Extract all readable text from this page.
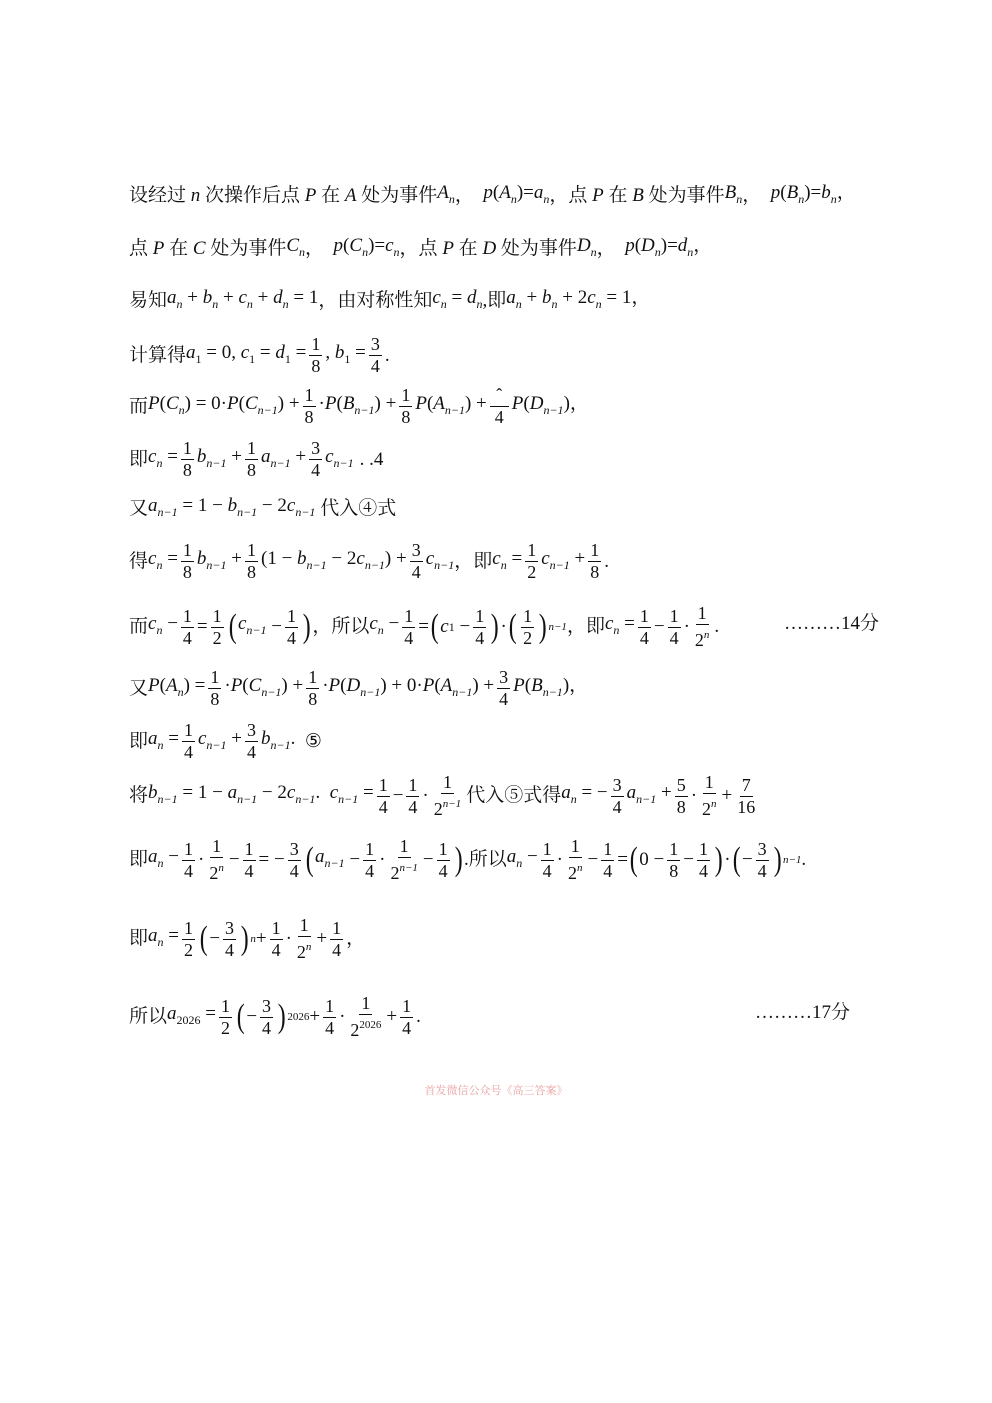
设经过 n 次操作后点 P 在 A 处为事件 $A_n$ ， $p(A_n)=a_n$ ，点 P 在 B 处为事件 $B_n$ ， $p(B_n)=b_n$，
点 P 在 C 处为事件 $C_n$ ， $p(C_n)=c_n$ ，点 P 在 D 处为事件 $D_n$ ， $p(D_n)=d_n$，
易知 $a_n + b_n + c_n + d_n = 1$ ，由对称性知 $c_n = d_n$ ,即 $a_n + b_n + 2c_n = 1$，
计算得 $a_1 = 0$, $c_1 = d_1 = \frac{1}{8}$ , $b_1 = \frac{3}{4}$ .
而 $P(C_n) = 0\cdot P(C_{n-1}) + \frac{1}{8} \cdot P(B_{n-1}) + \frac{1}{8} P(A_{n-1}) + \frac{\text{ˆ}}{4} P(D_{n-1})$，
即 $c_n = \frac{1}{8} b_{n-1} + \frac{1}{8} a_{n-1} + \frac{3}{4} c_{n-1}$ . .4
又 $a_{n-1} = 1 - b_{n-1} - 2c_{n-1}$ 代入④式
得 $c_n = \frac{1}{8} b_{n-1} + \frac{1}{8} (1 - b_{n-1} - 2c_{n-1}) + \frac{3}{4} c_{n-1}$ ，即 $c_n = \frac{1}{2} c_{n-1} + \frac{1}{8}$ .
而 $c_n - \frac{1}{4} = \frac{1}{2}$ ( $c_{n-1} - \frac{1}{4}$ ) ，所以 $c_n - \frac{1}{4}$ = ( c $1 - \frac{1}{4}$ ) · ( $\frac{1}{2}$ ) n−1 ，即 $c_n = \frac{1}{4} - \frac{1}{4} \cdot \frac{1}{2^n}$ .	………14分
又 $P(A_n) = \frac{1}{8} \cdot P(C_{n-1}) + \frac{1}{8} \cdot P(D_{n-1}) + 0\cdot P(A_{n-1}) + \frac{3}{4} P(B_{n-1})$，
即 $a_n = \frac{1}{4} c_{n-1} + \frac{3}{4} b_{n-1}$. ⑤
将 $b_{n-1} = 1 - a_{n-1} - 2c_{n-1}$.  $c_{n-1} = \frac{1}{4} - \frac{1}{4} \cdot \frac{1}{2^{n-1}}$ 代入⑤式得 $a_n$ = − $\frac{3}{4} a_{n-1} + \frac{5}{8} \cdot \frac{1}{2^n} + \frac{7}{16}$
即 $a_n - \frac{1}{4} \cdot \frac{1}{2^n} - \frac{1}{4}$ = − $\frac{3}{4}$ ( $a_{n-1} - \frac{1}{4} \cdot \frac{1}{2^{n-1}} - \frac{1}{4}$ ) .所以 $a_n - \frac{1}{4} \cdot \frac{1}{2^n} - \frac{1}{4}$ = ( $0 - \frac{1}{8} - \frac{1}{4}$ ) · ( − $\frac{3}{4}$ ) n−1 .
即 $a_n = \frac{1}{2}$ ( − $\frac{3}{4}$ ) $n + \frac{1}{4} \cdot \frac{1}{2^n} + \frac{1}{4}$ ，
所以 $a_{2026} = \frac{1}{2}$ ( − $\frac{3}{4}$ ) $2026 + \frac{1}{4} \cdot \frac{1}{2^{2026}} + \frac{1}{4}$ .	………17分
首发微信公众号《高三答案》
